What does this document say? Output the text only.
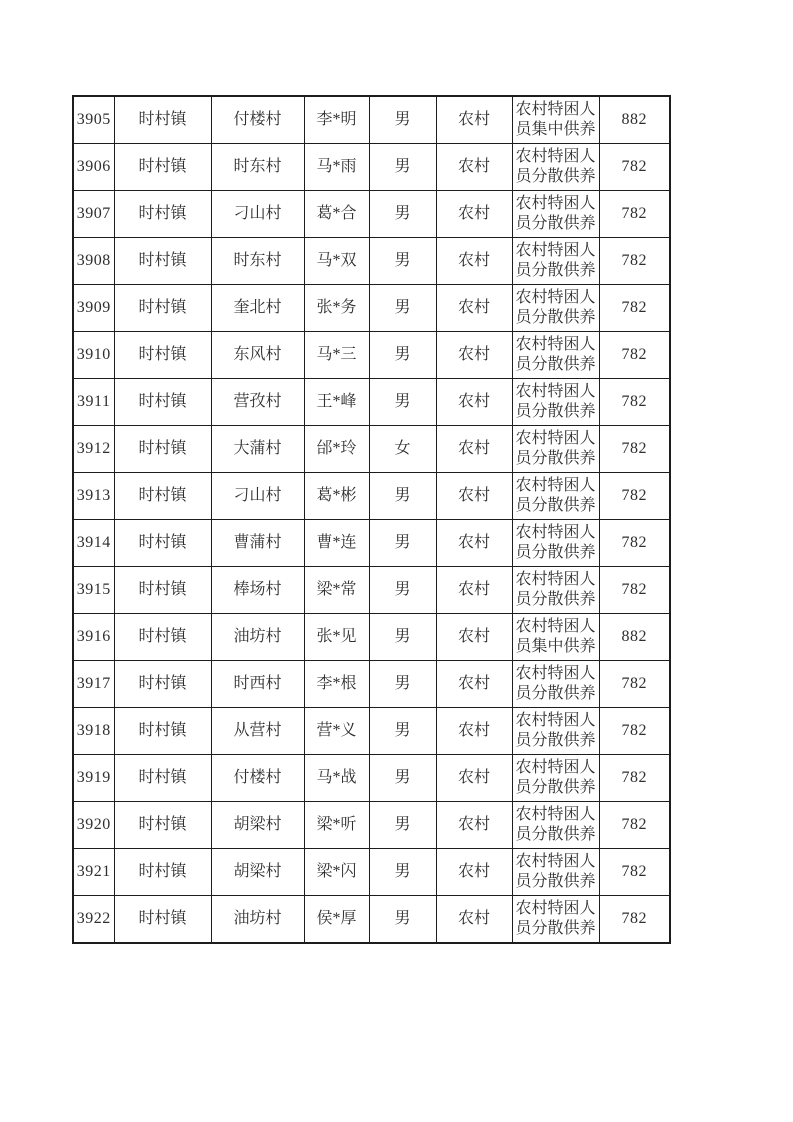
3905	时村镇	付楼村	李*明	男	农村	农村特困人员集中供养	882
3906	时村镇	时东村	马*雨	男	农村	农村特困人员分散供养	782
3907	时村镇	刁山村	葛*合	男	农村	农村特困人员分散供养	782
3908	时村镇	时东村	马*双	男	农村	农村特困人员分散供养	782
3909	时村镇	奎北村	张*务	男	农村	农村特困人员分散供养	782
3910	时村镇	东风村	马*三	男	农村	农村特困人员分散供养	782
3911	时村镇	营孜村	王*峰	男	农村	农村特困人员分散供养	782
3912	时村镇	大蒲村	邰*玲	女	农村	农村特困人员分散供养	782
3913	时村镇	刁山村	葛*彬	男	农村	农村特困人员分散供养	782
3914	时村镇	曹蒲村	曹*连	男	农村	农村特困人员分散供养	782
3915	时村镇	棒场村	梁*常	男	农村	农村特困人员分散供养	782
3916	时村镇	油坊村	张*见	男	农村	农村特困人员集中供养	882
3917	时村镇	时西村	李*根	男	农村	农村特困人员分散供养	782
3918	时村镇	从营村	营*义	男	农村	农村特困人员分散供养	782
3919	时村镇	付楼村	马*战	男	农村	农村特困人员分散供养	782
3920	时村镇	胡梁村	梁*听	男	农村	农村特困人员分散供养	782
3921	时村镇	胡梁村	梁*闪	男	农村	农村特困人员分散供养	782
3922	时村镇	油坊村	侯*厚	男	农村	农村特困人员分散供养	782
